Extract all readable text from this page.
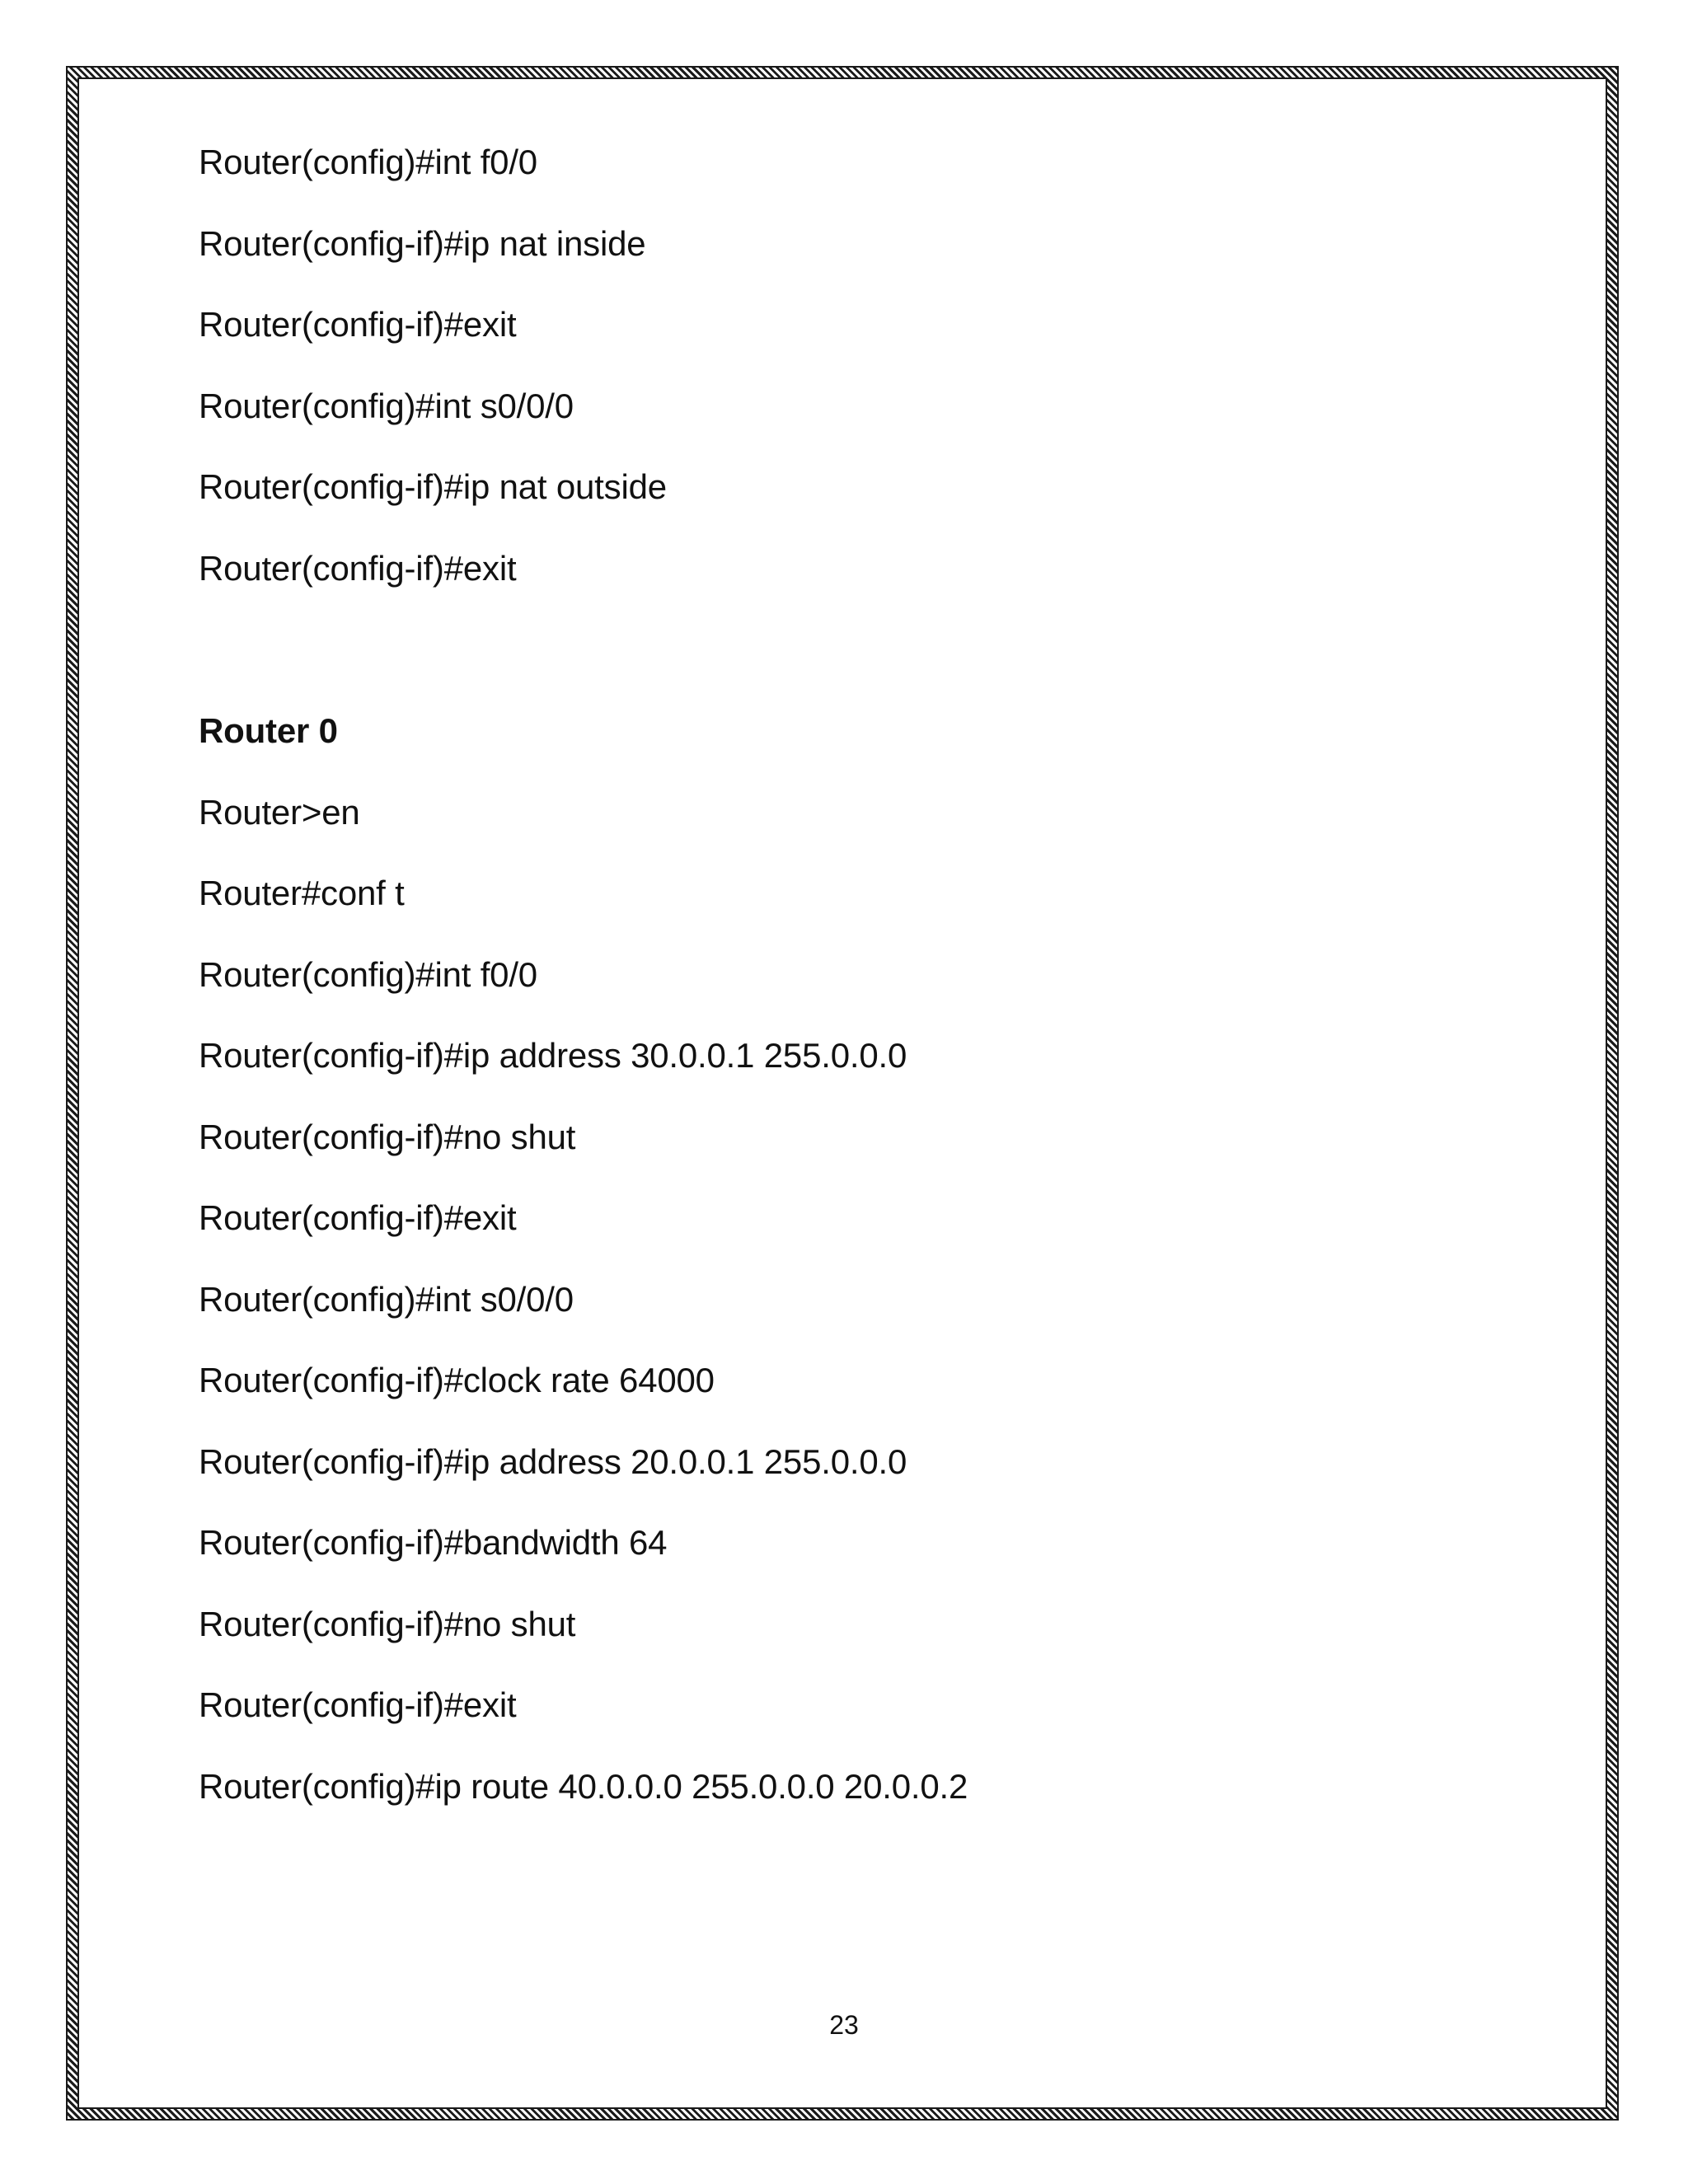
Router(config)#int f0/0
Router(config-if)#ip nat inside
Router(config-if)#exit
Router(config)#int s0/0/0
Router(config-if)#ip nat outside
Router(config-if)#exit
Router 0
Router>en
Router#conf t
Router(config)#int f0/0
Router(config-if)#ip address 30.0.0.1 255.0.0.0
Router(config-if)#no shut
Router(config-if)#exit
Router(config)#int s0/0/0
Router(config-if)#clock rate 64000
Router(config-if)#ip address 20.0.0.1 255.0.0.0
Router(config-if)#bandwidth 64
Router(config-if)#no shut
Router(config-if)#exit
Router(config)#ip route 40.0.0.0 255.0.0.0 20.0.0.2
23
